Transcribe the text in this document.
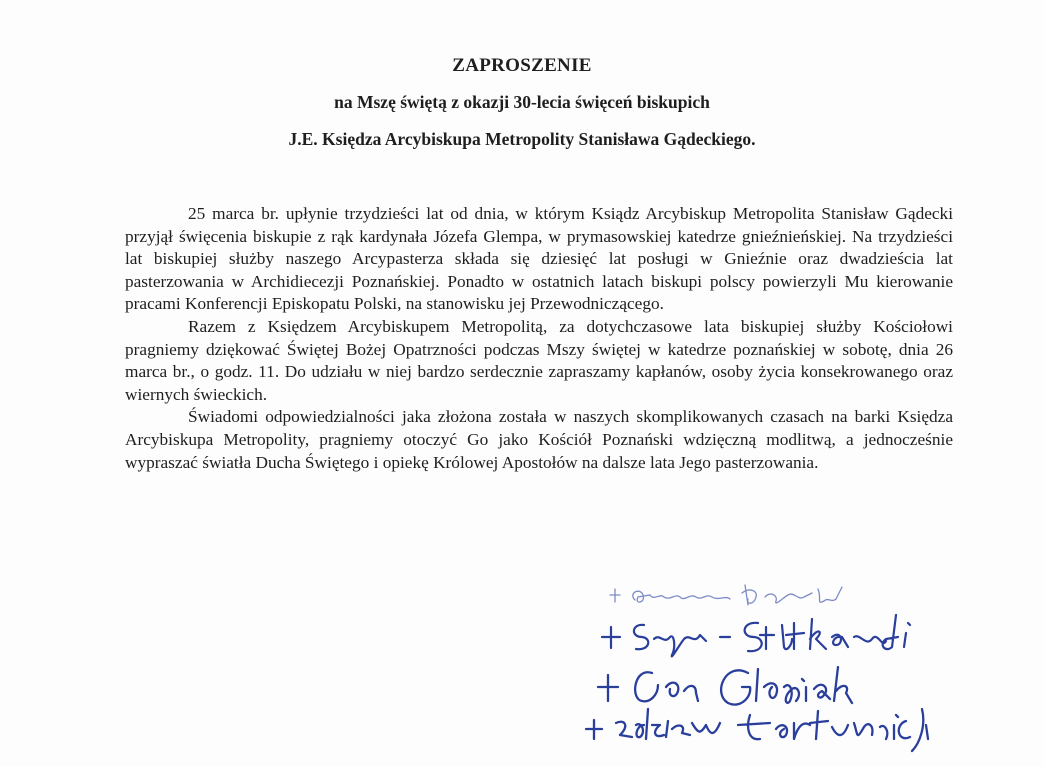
ZAPROSZENIE
na Mszę świętą z okazji 30-lecia święceń biskupich
J.E. Księdza Arcybiskupa Metropolity Stanisława Gądeckiego.

25 marca br. upłynie trzydzieści lat od dnia, w którym Ksiądz Arcybiskup Metropolita Stanisław Gądecki przyjął święcenia biskupie z rąk kardynała Józefa Glempa, w prymasowskiej katedrze gnieźnieńskiej. Na trzydzieści lat biskupiej służby naszego Arcypasterza składa się dziesięć lat posługi w Gnieźnie oraz dwadzieścia lat pasterzowania w Archidiecezji Poznańskiej. Ponadto w ostatnich latach biskupi polscy powierzyli Mu kierowanie pracami Konferencji Episkopatu Polski, na stanowisku jej Przewodniczącego.

Razem z Księdzem Arcybiskupem Metropolitą, za dotychczasowe lata biskupiej służby Kościołowi pragniemy dziękować Świętej Bożej Opatrzności podczas Mszy świętej w katedrze poznańskiej w sobotę, dnia 26 marca br., o godz. 11. Do udziału w niej bardzo serdecznie zapraszamy kapłanów, osoby życia konsekrowanego oraz wiernych świeckich.

Świadomi odpowiedzialności jaka złożona została w naszych skomplikowanych czasach na barki Księdza Arcybiskupa Metropolity, pragniemy otoczyć Go jako Kościół Poznański wdzięczną modlitwą, a jednocześnie wypraszać światła Ducha Świętego i opiekę Królowej Apostołów na dalsze lata Jego pasterzowania.
